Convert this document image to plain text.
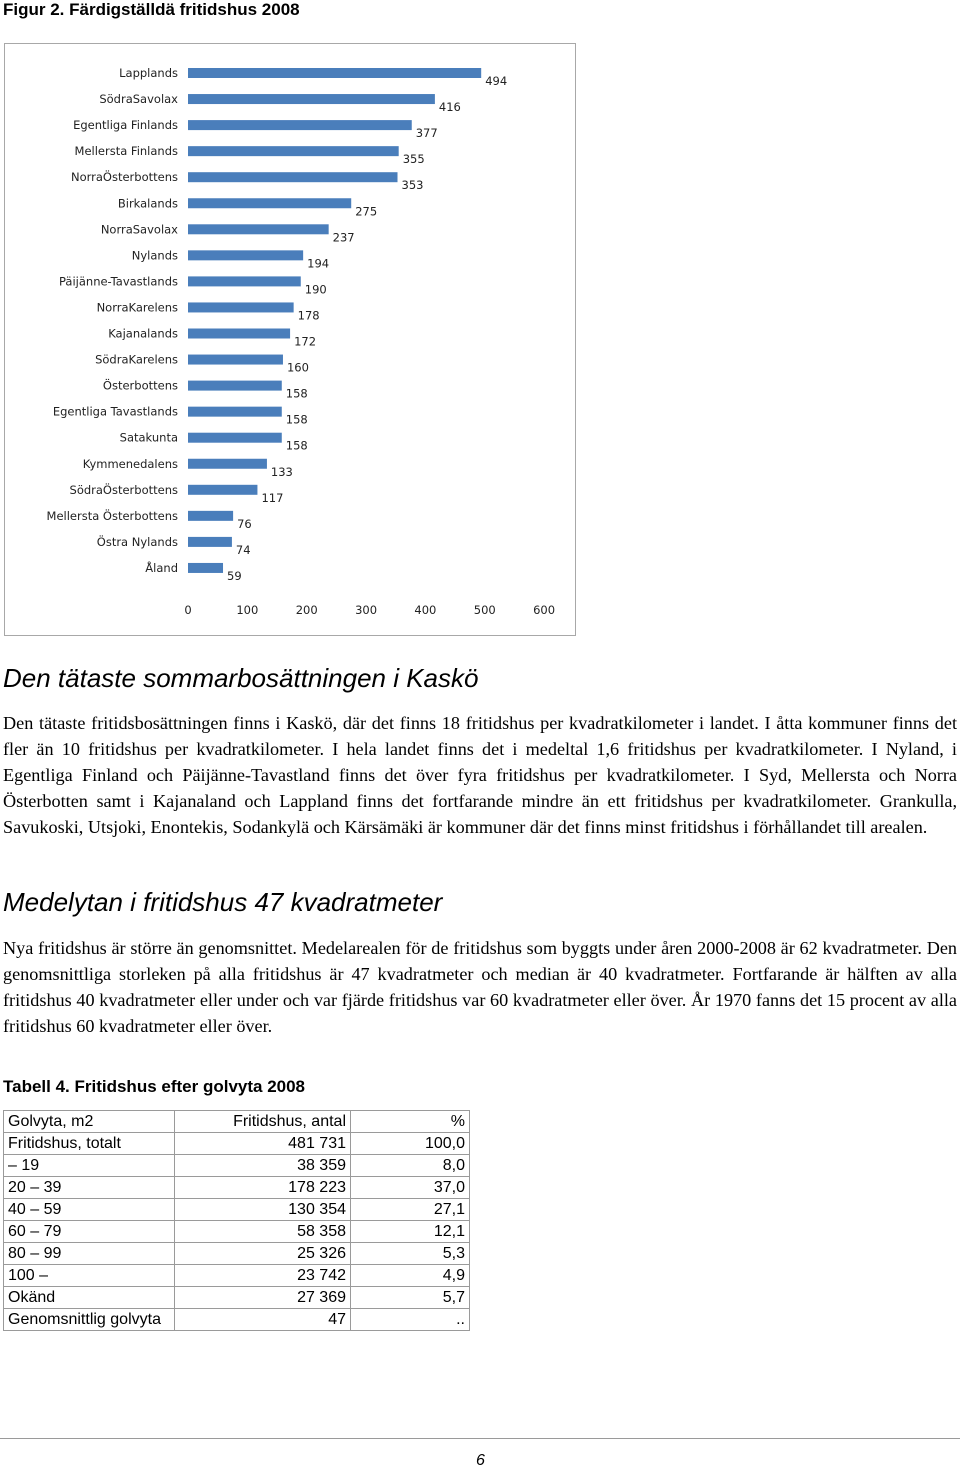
Figur 2. Färdigställdä fritidshus 2008
Lapplands
494
SödraSavolax
416
Egentliga Finlands
377
Mellersta Finlands
355
NorraÖsterbottens
353
Birkalands
275
NorraSavolax
237
Nylands
194
Päijänne-Tavastlands
190
NorraKarelens
178
Kajanalands
172
SödraKarelens
160
Österbottens
158
Egentliga Tavastlands
158
Satakunta
158
Kymmenedalens
133
SödraÖsterbottens
117
Mellersta Österbottens
76
Östra Nylands
74
Åland
59
0	100	200	300	400	500	600
Den tätaste sommarbosättningen i Kaskö

Den tätaste fritidsbosättningen finns i Kaskö, där det finns 18 fritidshus per kvadratkilometer i landet. I åtta kommuner finns det fler än 10 fritidshus per kvadratkilometer. I hela landet finns det i medeltal 1,6 fritidshus per kvadratkilometer. I Nyland, i Egentliga Finland och Päijänne-Tavastland finns det över fyra fritidshus per kvadratkilometer. I Syd, Mellersta och Norra Österbotten samt i Kajanaland och Lappland finns det fortfarande mindre än ett fritidshus per kvadratkilometer. Grankulla, Savukoski, Utsjoki, Enontekis, Sodankylä och Kärsämäki är kommuner där det finns minst fritidshus i förhållandet till arealen.

Medelytan i fritidshus 47 kvadratmeter

Nya fritidshus är större än genomsnittet. Medelarealen för de fritidshus som byggts under åren 2000-2008 är 62 kvadratmeter. Den genomsnittliga storleken på alla fritidshus är 47 kvadratmeter och median är 40 kvadratmeter. Fortfarande är hälften av alla fritidshus 40 kvadratmeter eller under och var fjärde fritidshus var 60 kvadratmeter eller över. År 1970 fanns det 15 procent av alla fritidshus 60 kvadratmeter eller över.

Tabell 4. Fritidshus efter golvyta 2008
Golvyta, m2	Fritidshus, antal	%
Fritidshus, totalt	481 731	100,0
– 19	38 359	8,0
20 – 39	178 223	37,0
40 – 59	130 354	27,1
60 – 79	58 358	12,1
80 – 99	25 326	5,3
100 –	23 742	4,9
Okänd	27 369	5,7
Genomsnittlig golvyta	47	..
6
